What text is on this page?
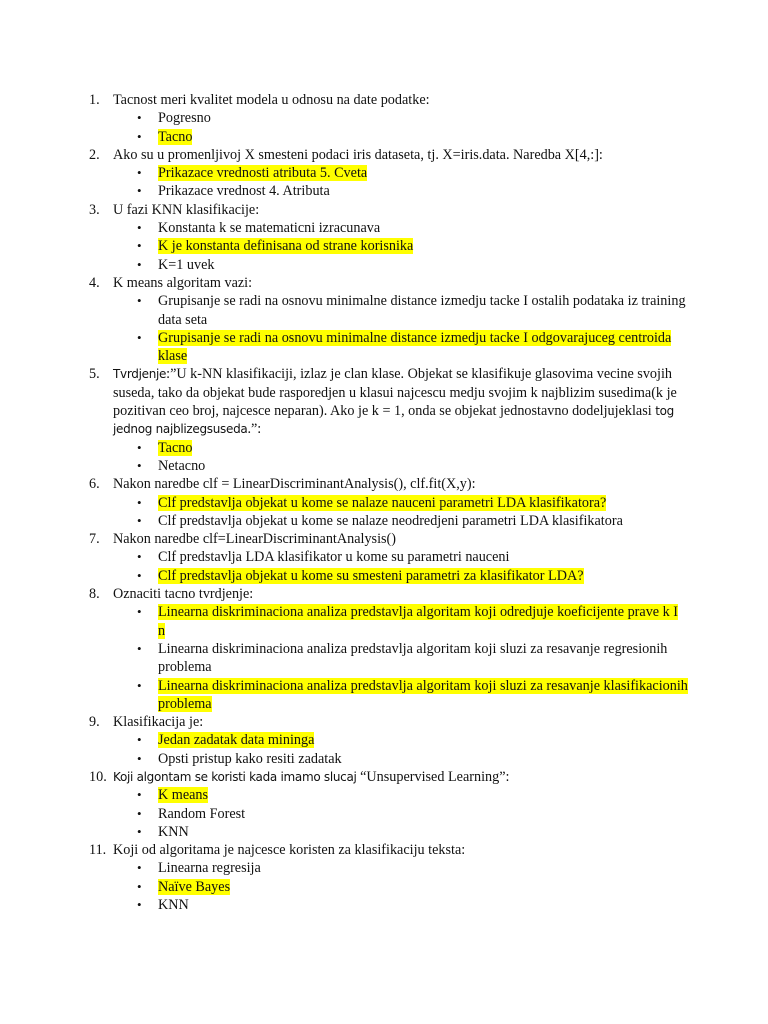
1. Tacnost meri kvalitet modela u odnosu na date podatke:
• Pogresno
• Tacno
2. Ako su u promenljivoj X smesteni podaci iris dataseta, tj. X=iris.data. Naredba X[4,:]:
• Prikazace vrednosti atributa 5. Cveta
• Prikazace vrednost 4. Atributa
3. U fazi KNN klasifikacije:
• Konstanta k se matematicni izracunava
• K je konstanta definisana od strane korisnika
• K=1 uvek
4. K means algoritam vazi:
• Grupisanje se radi na osnovu minimalne distance izmedju tacke I ostalih podataka iz training data seta
• Grupisanje se radi na osnovu minimalne distance izmedju tacke I odgovarajuceg centroida klase
5. Tvrdjenje:”U k-NN klasifikaciji, izlaz je clan klase. Objekat se klasifikuje glasovima vecine svojih suseda, tako da objekat bude rasporedjen u klasui najcescu medju svojim k najblizim susedima(k je pozitivan ceo broj, najcesce neparan). Ako je k = 1, onda se objekat jednostavno dodeljujeklasi tog jednog najblizegsuseda.”:
• Tacno
• Netacno
6. Nakon naredbe clf = LinearDiscriminantAnalysis(), clf.fit(X,y):
• Clf predstavlja objekat u kome se nalaze nauceni parametri LDA klasifikatora?
• Clf predstavlja objekat u kome se nalaze neodredjeni parametri LDA klasifikatora
7. Nakon naredbe clf=LinearDiscriminantAnalysis()
• Clf predstavlja LDA klasifikator u kome su parametri nauceni
• Clf predstavlja objekat u kome su smesteni parametri za klasifikator LDA?
8. Oznaciti tacno tvrdjenje:
• Linearna diskriminaciona analiza predstavlja algoritam koji odredjuje koeficijente prave k I n
• Linearna diskriminaciona analiza predstavlja algoritam koji sluzi za resavanje regresionih problema
• Linearna diskriminaciona analiza predstavlja algoritam koji sluzi za resavanje klasifikacionih problema
9. Klasifikacija je:
• Jedan zadatak data mininga
• Opsti pristup kako resiti zadatak
10. Koji algontam se koristi kada imamo slucaj “Unsupervised Learning”:
• K means
• Random Forest
• KNN
11. Koji od algoritama je najcesce koristen za klasifikaciju teksta:
• Linearna regresija
• Naïve Bayes
• KNN
